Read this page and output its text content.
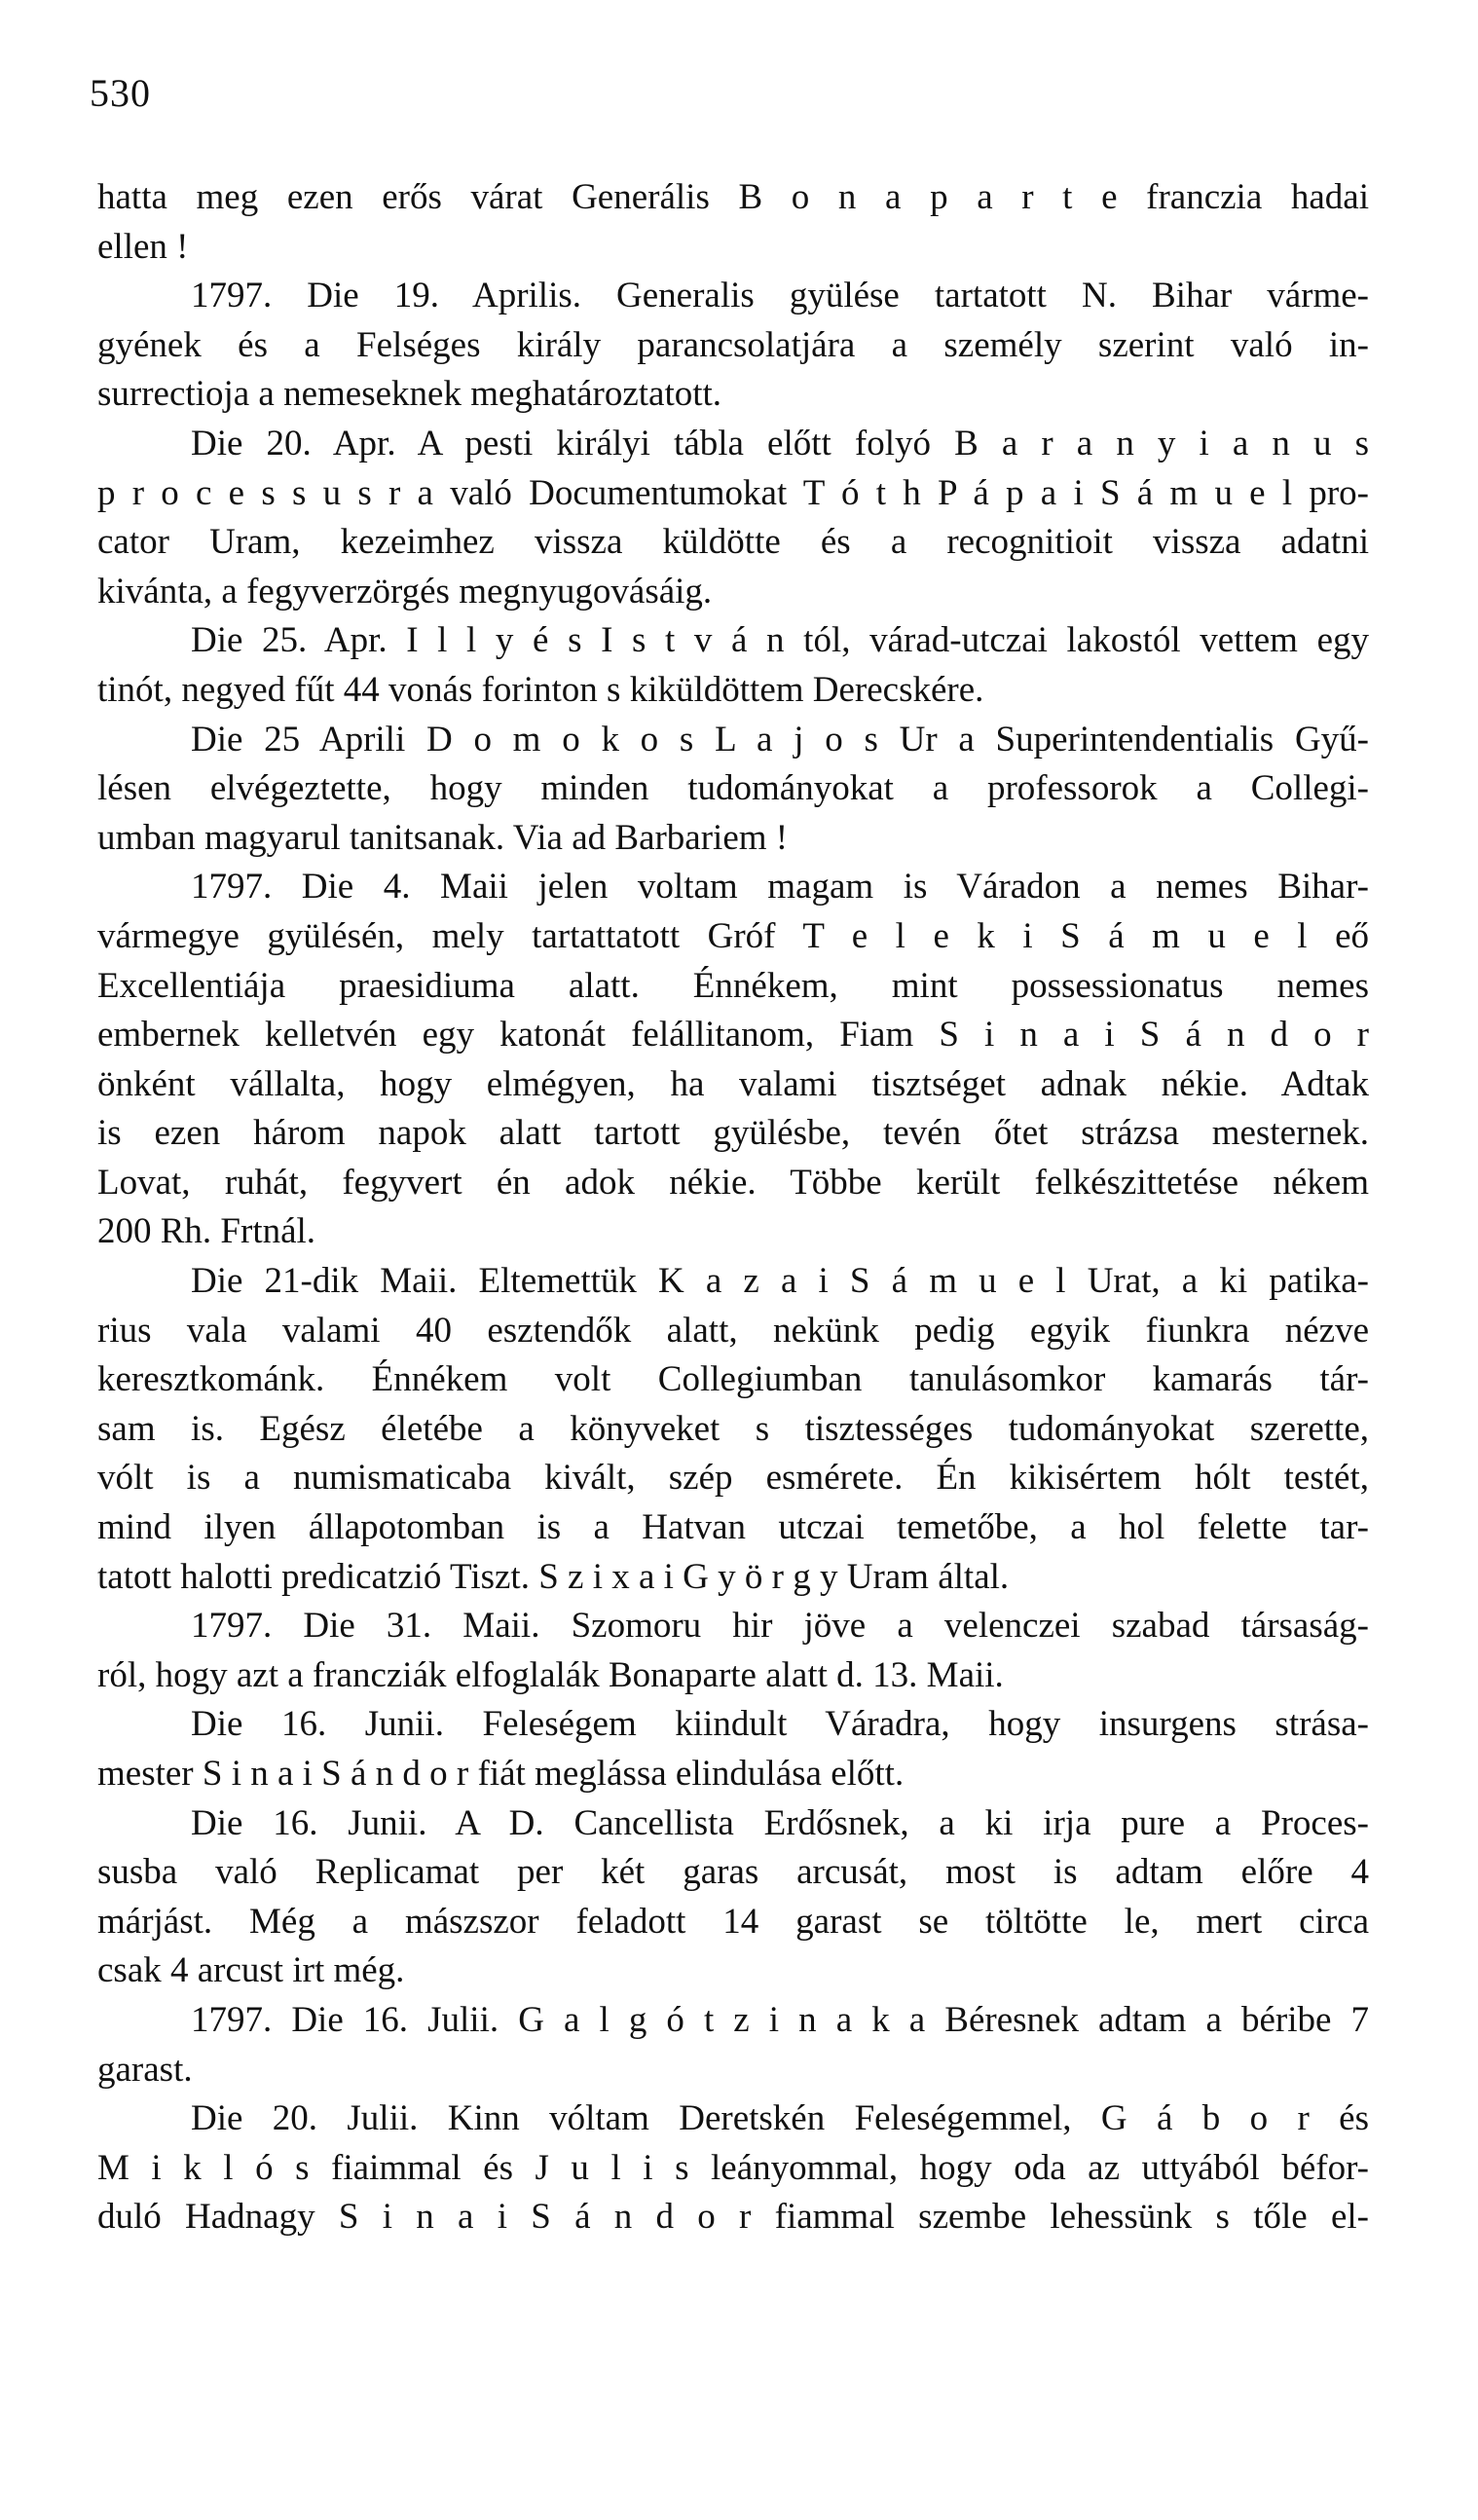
530
hatta meg ezen erős várat Generális B o n a p a r t e franczia hadai
ellen !
1797. Die 19. Aprilis. Generalis gyülése tartatott N. Bihar várme-
gyének és a Felséges király parancsolatjára a személy szerint való in-
surrectioja a nemeseknek meghatároztatott.
Die 20. Apr. A pesti királyi tábla előtt folyó B a r a n y i a n u s
p r o c e s s u s r a való Documentumokat T ó t h P á p a i S á m u e l pro-
cator Uram, kezeimhez vissza küldötte és a recognitioit vissza adatni
kivánta, a fegyverzörgés megnyugovásáig.
Die 25. Apr. I l l y é s I s t v á n tól, várad-utczai lakostól vettem egy
tinót, negyed fűt 44 vonás forinton s kiküldöttem Derecskére.
Die 25 Aprili D o m o k o s L a j o s Ur a Superintendentialis Gyű-
lésen elvégeztette, hogy minden tudományokat a professorok a Collegi-
umban magyarul tanitsanak. Via ad Barbariem !
1797. Die 4. Maii jelen voltam magam is Váradon a nemes Bihar-
vármegye gyülésén, mely tartattatott Gróf T e l e k i S á m u e l eő
Excellentiája praesidiuma alatt. Énnékem, mint possessionatus nemes
embernek kelletvén egy katonát felállitanom, Fiam S i n a i S á n d o r
önként vállalta, hogy elmégyen, ha valami tisztséget adnak nékie. Adtak
is ezen három napok alatt tartott gyülésbe, tevén őtet strázsa mesternek.
Lovat, ruhát, fegyvert én adok nékie. Többe került felkészittetése nékem
200 Rh. Frtnál.
Die 21-dik Maii. Eltemettük K a z a i S á m u e l Urat, a ki patika-
rius vala valami 40 esztendők alatt, nekünk pedig egyik fiunkra nézve
keresztkománk. Énnékem volt Collegiumban tanulásomkor kamarás tár-
sam is. Egész életébe a könyveket s tisztességes tudományokat szerette,
vólt is a numismaticaba kivált, szép esmérete. Én kikisértem hólt testét,
mind ilyen állapotomban is a Hatvan utczai temetőbe, a hol felette tar-
tatott halotti predicatzió Tiszt. S z i x a i G y ö r g y Uram által.
1797. Die 31. Maii. Szomoru hir jöve a velenczei szabad társaság-
ról, hogy azt a francziák elfoglalák Bonaparte alatt d. 13. Maii.
Die 16. Junii. Feleségem kiindult Váradra, hogy insurgens strása-
mester S i n a i S á n d o r fiát meglássa elindulása előtt.
Die 16. Junii. A D. Cancellista Erdősnek, a ki irja pure a Proces-
susba való Replicamat per két garas arcusát, most is adtam előre 4
márjást. Még a mászszor feladott 14 garast se töltötte le, mert circa
csak 4 arcust irt még.
1797. Die 16. Julii. G a l g ó t z i n a k a Béresnek adtam a béribe 7
garast.
Die 20. Julii. Kinn vóltam Deretskén Feleségemmel, G á b o r és
M i k l ó s fiaimmal és J u l i s leányommal, hogy oda az uttyából béfor-
duló Hadnagy S i n a i S á n d o r fiammal szembe lehessünk s tőle el-
